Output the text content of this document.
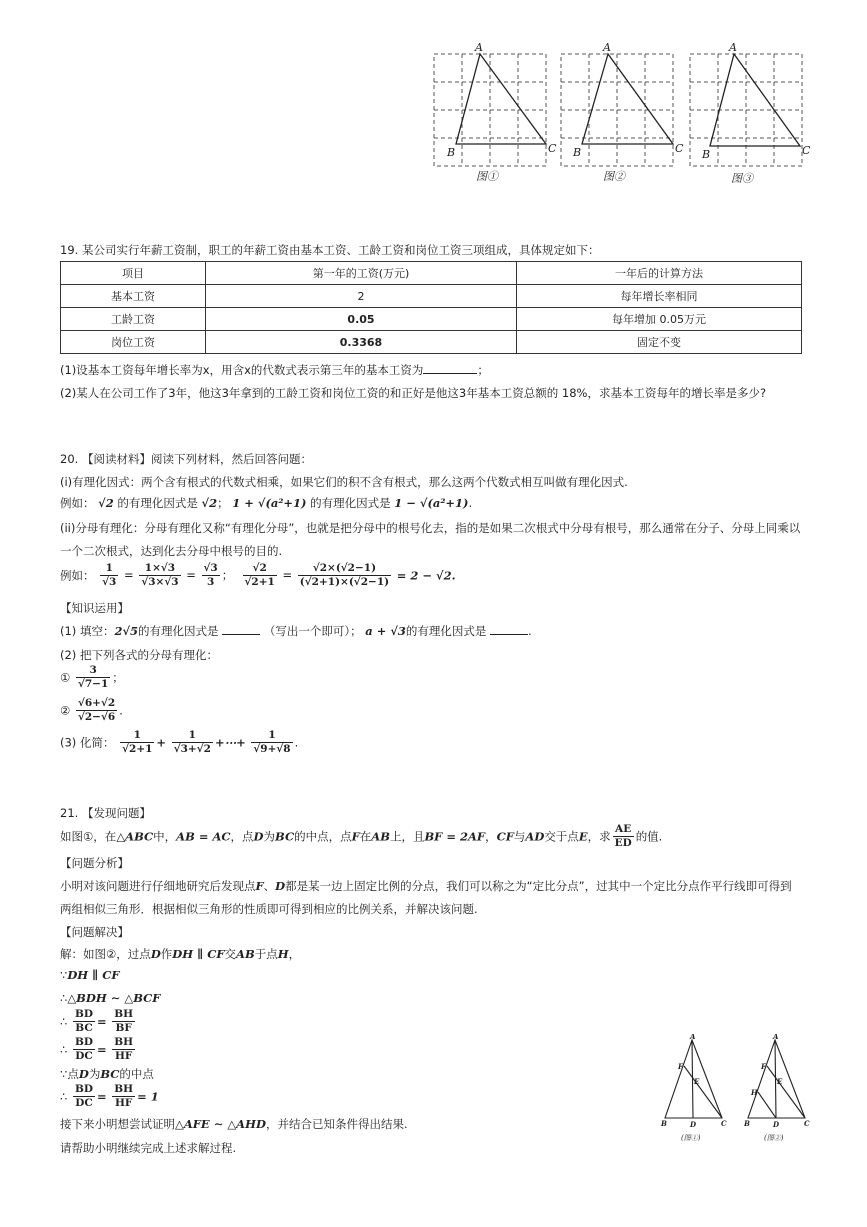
A
B	C
A
B	C
A
B	C
图①	图②	图③
19. 某公司实行年薪工资制，职工的年薪工资由基本工资、工龄工资和岗位工资三项组成，具体规定如下：
项目	第一年的工资(万元)	一年后的计算方法
基本工资	2	每年增长率相同
工龄工资	0.05	每年增加 0.05万元
岗位工资	0.3368	固定不变
(1)设基本工资每年增长率为x，用含x的代数式表示第三年的基本工资为	；
(2)某人在公司工作了3年，他这3年拿到的工龄工资和岗位工资的和正好是他这3年基本工资总额的 18%，求基本工资每年的增长率是多少?
20. 【阅读材料】阅读下列材料，然后回答问题：
(i)有理化因式：两个含有根式的代数式相乘，如果它们的积不含有根式，那么这两个代数式相互叫做有理化因式.
例如： √2 的有理化因式是 √2； 1 + √(a²+1) 的有理化因式是 1 − √(a²+1).
(ii)分母有理化：分母有理化又称“有理化分母”，也就是把分母中的根号化去，指的是如果二次根式中分母有根号，那么通常在分子、分母上同乘以
一个二次根式，达到化去分母中根号的目的.
例如： $\frac{1}{√3} = \frac{1\times√3}{√3\times√3} = \frac{√3}{3}$ ； $\frac{√2}{√2+1} = \frac{√2\times(√2-1)}{(√2+1)\times(√2-1)} = 2 - √2$.
【知识运用】
(1) 填空：2√5的有理化因式是	（写出一个即可）； a + √3的有理化因式是	.
(2) 把下列各式的分母有理化：
① $\frac{3}{√7-1}$ ；
② $\frac{√6+√2}{√2-√6}$ .
(3) 化简： $\frac{1}{√2+1} + \frac{1}{√3+√2}$ +⋯+ $\frac{1}{√9+√8}$ .
21. 【发现问题】
如图①，在△ABC中，AB = AC，点D为BC的中点，点F在AB上，且BF = 2AF，CF与AD交于点E，求 $\frac{AE}{ED}$ 的值.
【问题分析】
小明对该问题进行仔细地研究后发现点F、D都是某一边上固定比例的分点，我们可以称之为“定比分点”，过其中一个定比分点作平行线即可得到
两组相似三角形．根据相似三角形的性质即可得到相应的比例关系，并解决该问题.
【问题解决】
解：如图②，过点D作DH ∥ CF交AB于点H，
∵DH ∥ CF
∴△BDH ∼ △BCF
∴ $\frac{BD}{BC} = \frac{BH}{BF}$
∴ $\frac{BD}{DC} = \frac{BH}{HF}$
∵点D为BC的中点
∴ $\frac{BD}{DC} = \frac{BH}{HF} = 1$
接下来小明想尝试证明△AFE ∼ △AHD，并结合已知条件得出结果.
请帮助小明继续完成上述求解过程.
A
B	C
D
F
E
A
B	C
D
F
E
H
(图①)	(图②)
